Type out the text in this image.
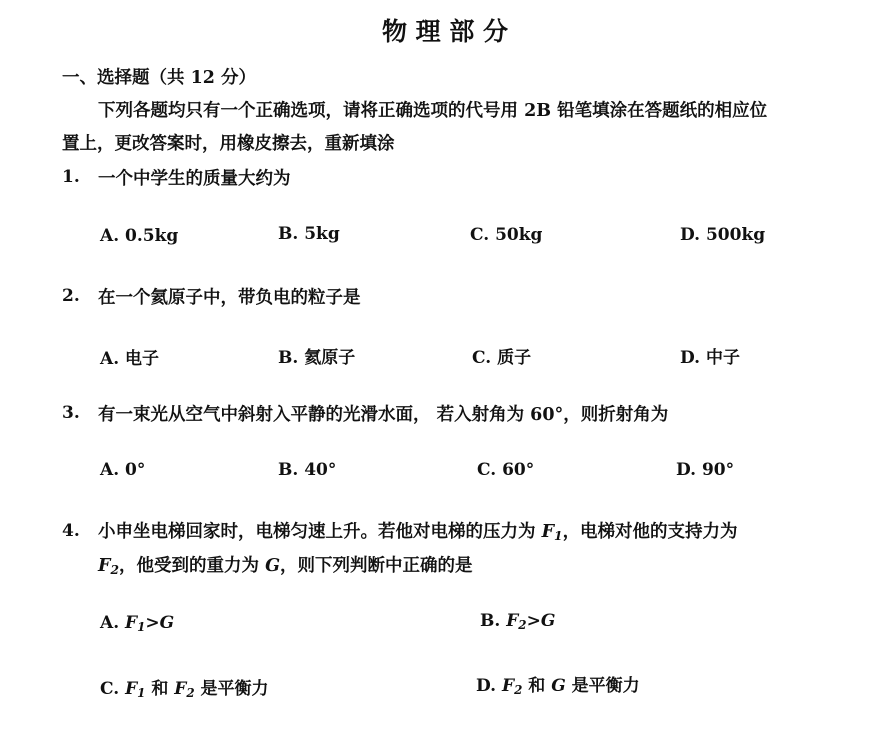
物 理 部 分
一、选择题（共 12 分）
下列各题均只有一个正确选项，请将正确选项的代号用 2B 铅笔填涂在答题纸的相应位
置上，更改答案时，用橡皮擦去，重新填涂
1. 一个中学生的质量大约为
A. 0.5kg	B. 5kg	C. 50kg	D. 500kg
2. 在一个氦原子中，带负电的粒子是
A. 电子	B. 氦原子	C. 质子	D. 中子
3. 有一束光从空气中斜射入平静的光滑水面， 若入射角为 60°，则折射角为
A. 0°	B. 40°	C. 60°	D. 90°
4. 小申坐电梯回家时，电梯匀速上升。若他对电梯的压力为 $F_1$，电梯对他的支持力为
$F_2$，他受到的重力为 G，则下列判断中正确的是
A. $F_1>G$	B. $F_2>G$
C. $F_1$ 和 $F_2$ 是平衡力	D. $F_2$ 和 G 是平衡力
